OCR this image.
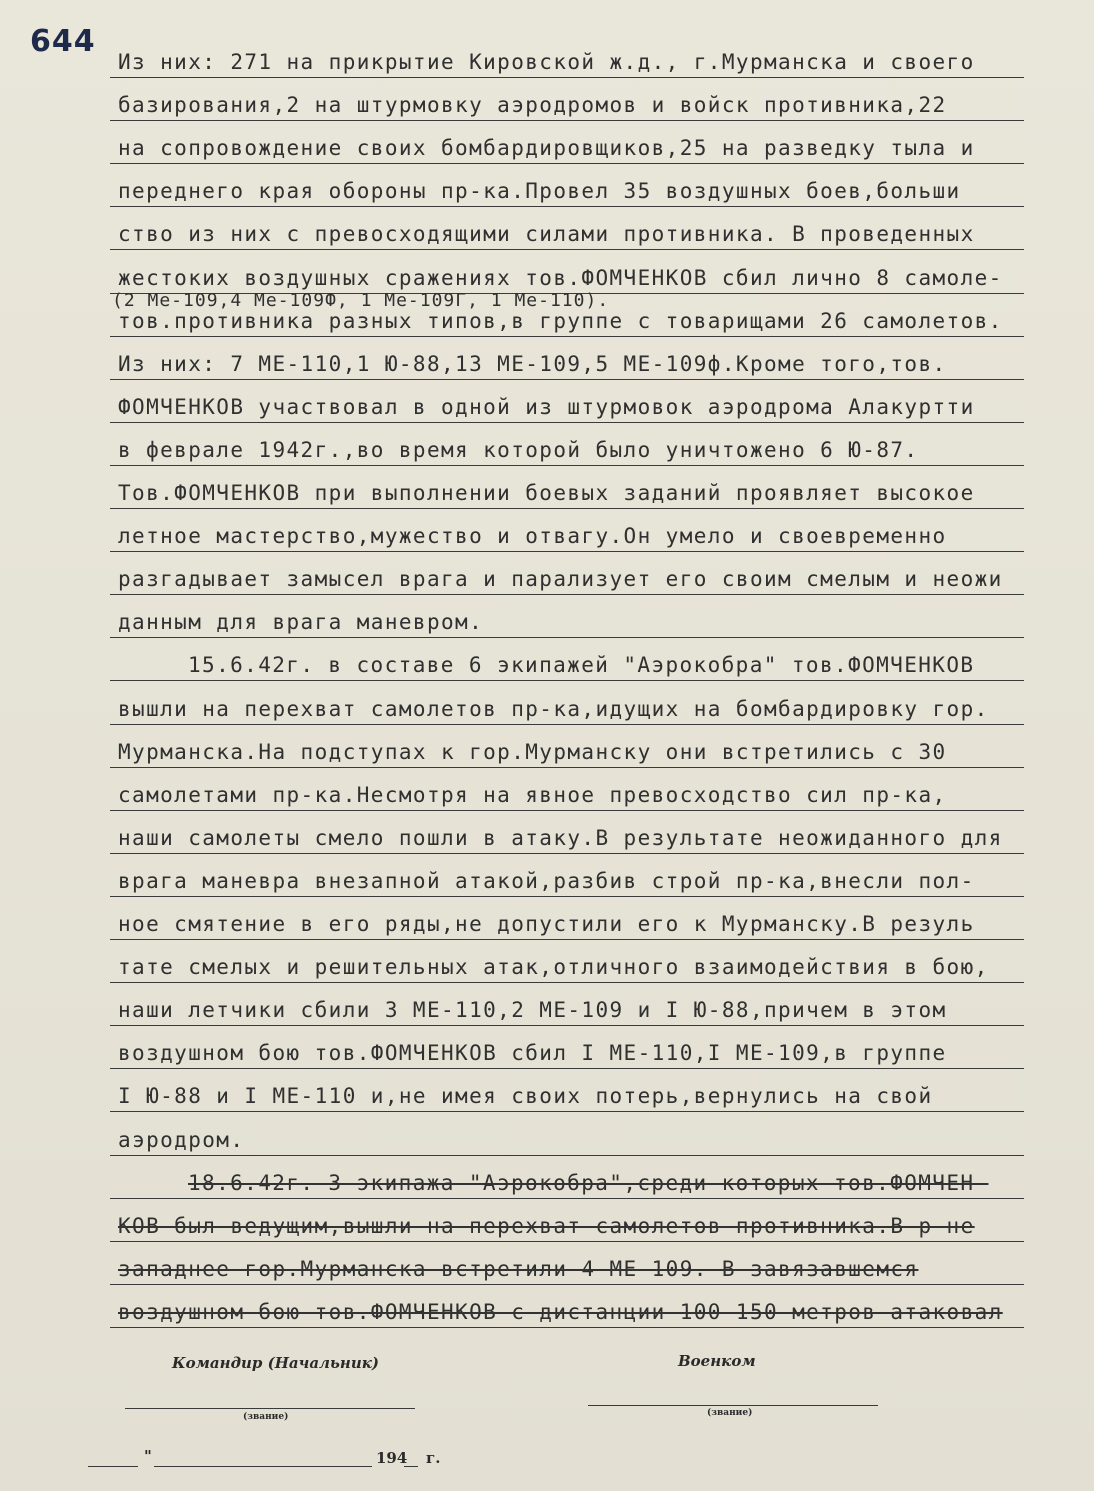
644
Из них: 271 на прикрытие Кировской ж.д., г.Мурманска и своего
базирования,2 на штурмовку аэродромов и войск противника,22
на сопровождение своих бомбардировщиков,25 на разведку тыла и
переднего края обороны пр-ка.Провел 35 воздушных боев,больши
ство из них с превосходящими силами противника. В проведенных
жестоких воздушных сражениях тов.ФОМЧЕНКОВ сбил лично 8 самоле-
тов.противника разных типов,в группе с товарищами 26 самолетов.
Из них: 7 МЕ-110,1 Ю-88,13 МЕ-109,5 МЕ-109ф.Кроме того,тов.
ФОМЧЕНКОВ участвовал в одной из штурмовок аэродрома Алакуртти
в феврале 1942г.,во время которой было уничтожено 6 Ю-87.
Тов.ФОМЧЕНКОВ при выполнении боевых заданий проявляет высокое
летное мастерство,мужество и отвагу.Он умело и своевременно
разгадывает замысел врага и парализует его своим смелым и неожи
данным для врага маневром.
15.6.42г. в составе 6 экипажей "Аэрокобра" тов.ФОМЧЕНКОВ
вышли на перехват самолетов пр-ка,идущих на бомбардировку гор.
Мурманска.На подступах к гор.Мурманску они встретились с 30
самолетами пр-ка.Несмотря на явное превосходство сил пр-ка,
наши самолеты смело пошли в атаку.В результате неожиданного для
врага маневра внезапной атакой,разбив строй пр-ка,внесли пол-
ное смятение в его ряды,не допустили его к Мурманску.В резуль
тате смелых и решительных атак,отличного взаимодействия в бою,
наши летчики сбили 3 МЕ-110,2 МЕ-109 и I Ю-88,причем в этом
воздушном бою тов.ФОМЧЕНКОВ сбил I МЕ-110,I МЕ-109,в группе
I Ю-88 и I МЕ-110 и,не имея своих потерь,вернулись на свой
аэродром.
18.6.42г. 3 экипажа "Аэрокобра",среди которых тов.ФОМЧЕН-
КОВ был ведущим,вышли на перехват самолетов противника.В р-не
западнее гор.Мурманска встретили 4 МЕ-109. В завязавшемся
воздушном бою тов.ФОМЧЕНКОВ с дистанции 100-150 метров атаковал
(2 Ме-109,4 Ме-109Ф, 1 Ме-109Г, 1 Ме-110).
Командир (Начальник)	Военком
(звание)	(звание)
"	194 г.
